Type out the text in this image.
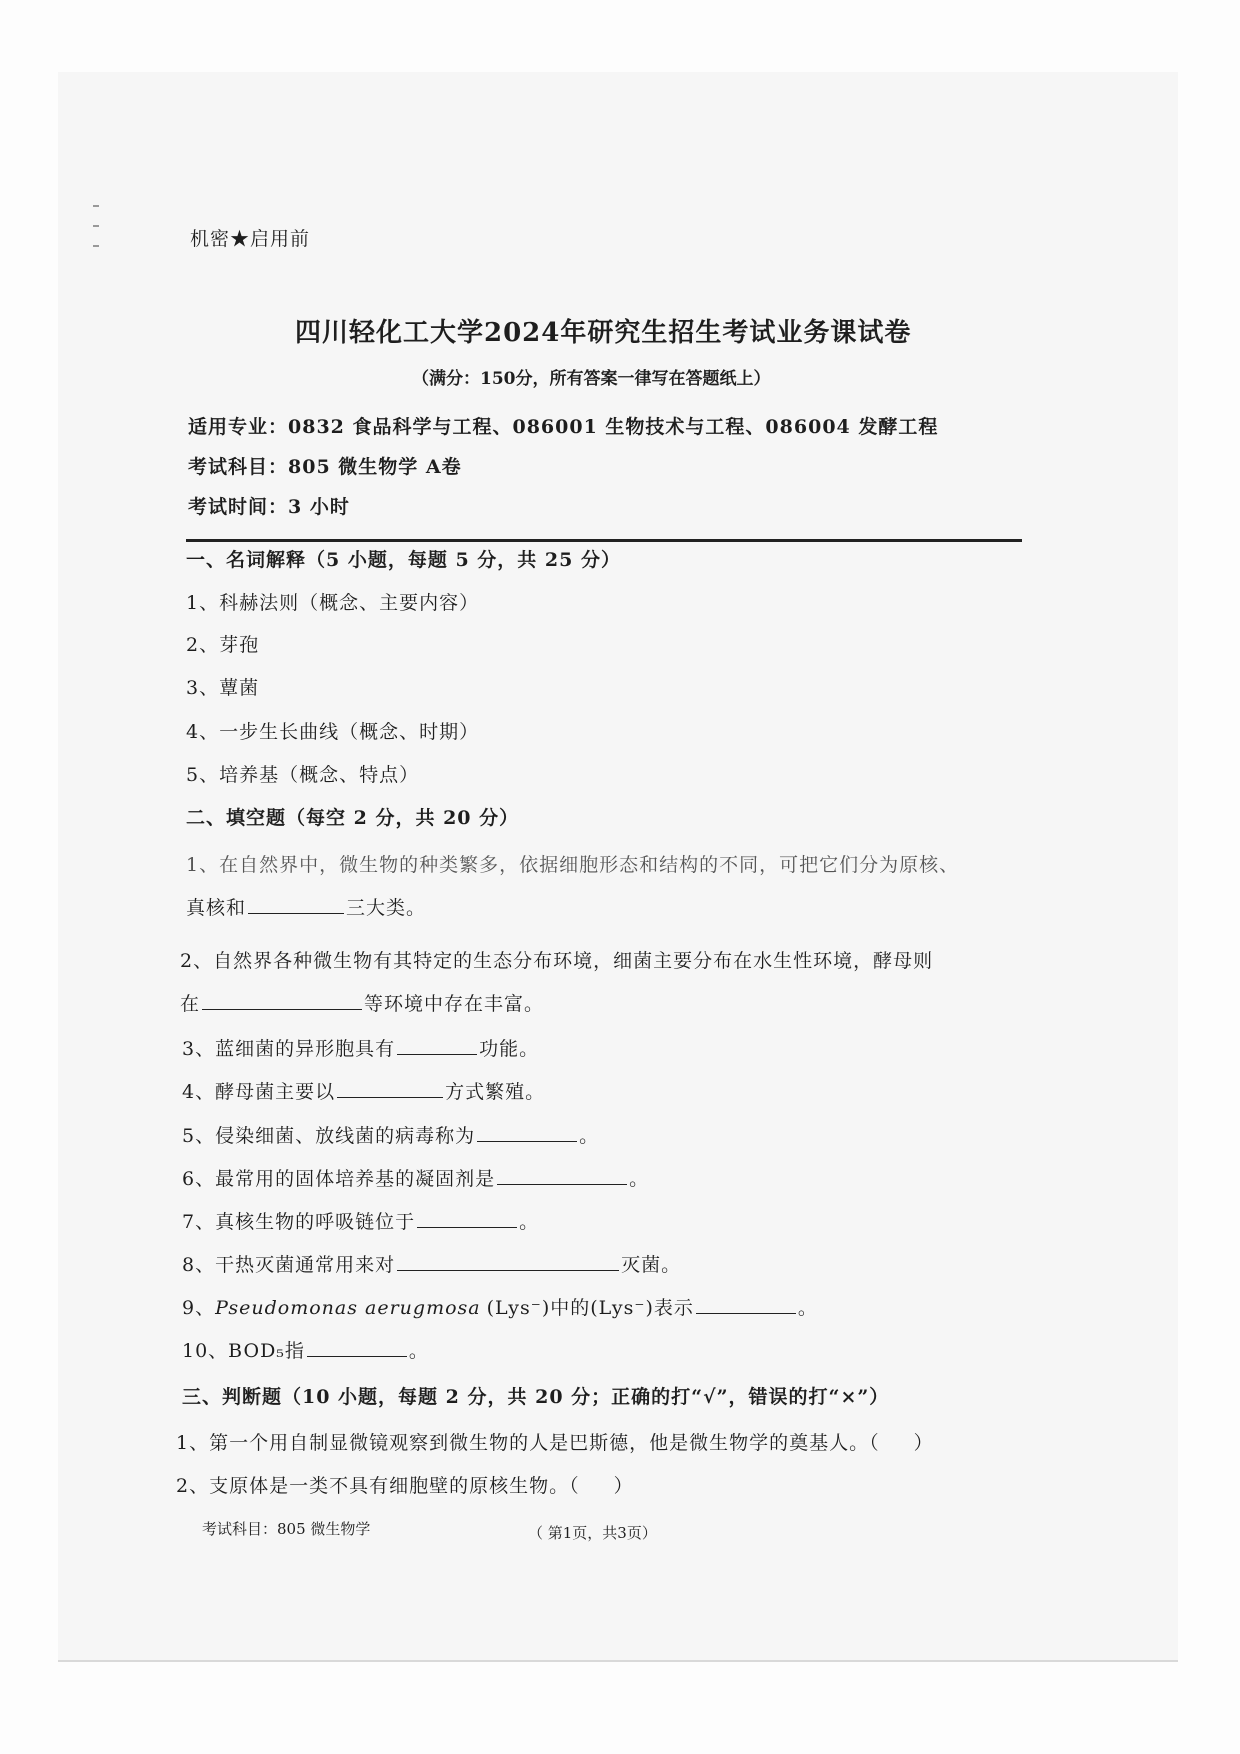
机密★启用前
四川轻化工大学2024年研究生招生考试业务课试卷
（满分：150分，所有答案一律写在答题纸上）
适用专业：0832 食品科学与工程、086001 生物技术与工程、086004 发酵工程
考试科目：805 微生物学 A卷
考试时间：3 小时
一、名词解释（5 小题，每题 5 分，共 25 分）
1、科赫法则（概念、主要内容）
2、芽孢
3、蕈菌
4、一步生长曲线（概念、时期）
5、培养基（概念、特点）
二、填空题（每空 2 分，共 20 分）
1、在自然界中，微生物的种类繁多，依据细胞形态和结构的不同，可把它们分为原核、
真核和	三大类。
2、自然界各种微生物有其特定的生态分布环境，细菌主要分布在水生性环境，酵母则
在	等环境中存在丰富。
3、蓝细菌的异形胞具有	功能。
4、酵母菌主要以	方式繁殖。
5、侵染细菌、放线菌的病毒称为	。
6、最常用的固体培养基的凝固剂是	。
7、真核生物的呼吸链位于	。
8、干热灭菌通常用来对	灭菌。
9、Pseudomonas aerugmosa (Lys⁻)中的(Lys⁻)表示	。
10、BOD₅指	。
三、判断题（10 小题，每题 2 分，共 20 分；正确的打“√”，错误的打“×”）
1、第一个用自制显微镜观察到微生物的人是巴斯德，他是微生物学的奠基人。（ ）
2、支原体是一类不具有细胞壁的原核生物。（ ）
考试科目：805 微生物学	（ 第1页，共3页）
